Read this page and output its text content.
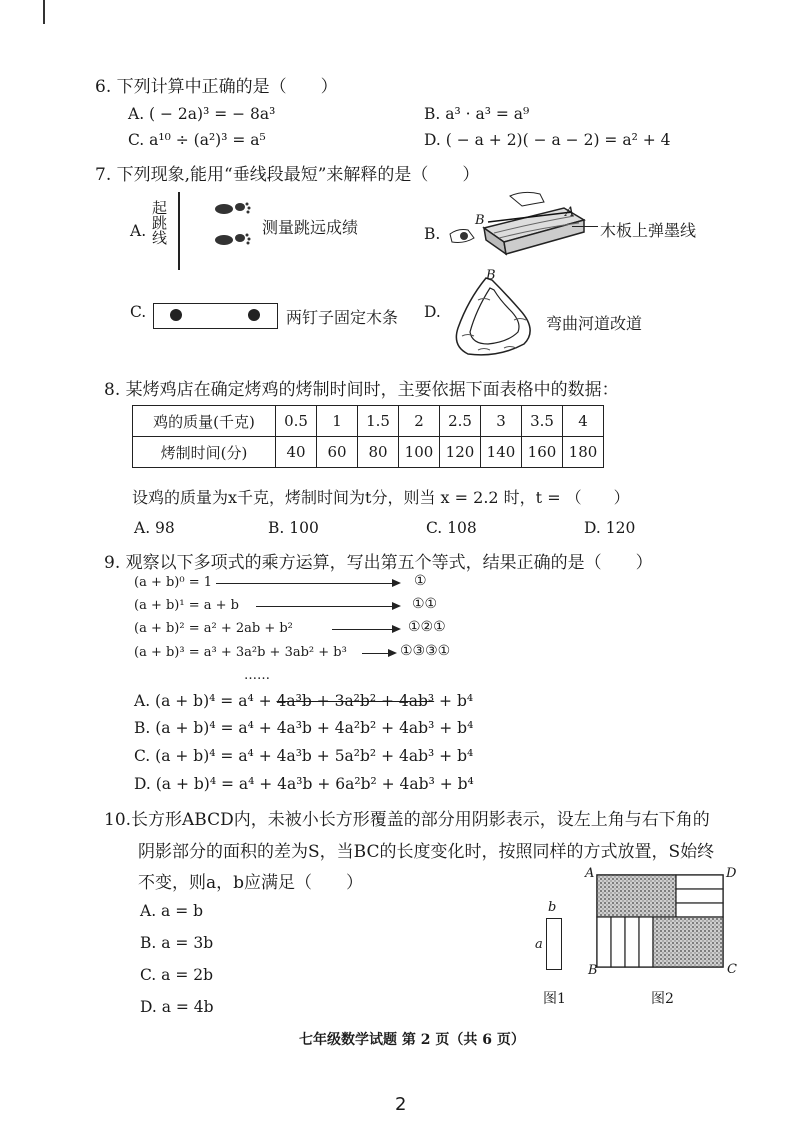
6. 下列计算中正确的是（　　）
A. ( − 2a)³ = − 8a³	B. a³ · a³ = a⁹
C. a¹⁰ ÷ (a²)³ = a⁵	D. ( − a + 2)( − a − 2) = a² + 4
7. 下列现象,能用“垂线段最短”来解释的是（　　）
A. 起跳线	测量跳远成绩	B.
B
A
木板上弹墨线
C.	两钉子固定木条 D.
B
弯曲河道改道
8. 某烤鸡店在确定烤鸡的烤制时间时，主要依据下面表格中的数据：
鸡的质量(千克)	0.5	1	1.5	2	2.5	3	3.5	4
烤制时间(分)	40	60	80	100	120	140	160	180
设鸡的质量为x千克，烤制时间为t分，则当 x = 2.2 时，t = （　　）
A. 98	B. 100	C. 108	D. 120
9. 观察以下多项式的乘方运算，写出第五个等式，结果正确的是（　　）
(a + b)⁰ = 1	①
(a + b)¹ = a + b	①①
(a + b)² = a² + 2ab + b²	①②①
(a + b)³ = a³ + 3a²b + 3ab² + b³	①③③①
……
A. (a + b)⁴ = a⁴ + 4a³b + 3a²b² + 4ab³ + b⁴
B. (a + b)⁴ = a⁴ + 4a³b + 4a²b² + 4ab³ + b⁴
C. (a + b)⁴ = a⁴ + 4a³b + 5a²b² + 4ab³ + b⁴
D. (a + b)⁴ = a⁴ + 4a³b + 6a²b² + 4ab³ + b⁴
10.长方形ABCD内，未被小长方形覆盖的部分用阴影表示，设左上角与右下角的
阴影部分的面积的差为S，当BC的长度变化时，按照同样的方式放置，S始终
不变，则a，b应满足（　　）
A. a = b
B. a = 3b
C. a = 2b
D. a = 4b
b
a
图1
A	D
B	C
图2
七年级数学试题 第 2 页（共 6 页）
2
